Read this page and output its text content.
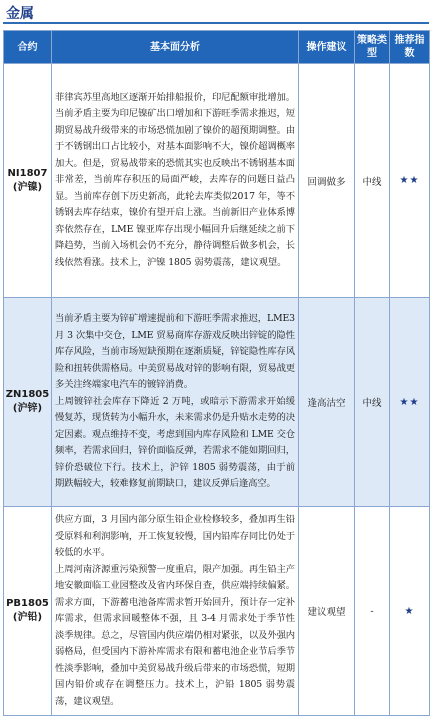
金属
合约	基本面分析	操作建议	策略类型	推荐指数

NI1807
(沪镍)	菲律宾苏里高地区逐渐开始排船报价，印尼配额审批增加。当前矛盾主要为印尼镍矿出口增加和下游旺季需求推迟，短期贸易战升级带来的市场恐慌加剧了镍价的超预期调整。由于不锈钢出口占比较小，对基本面影响不大，镍价超调概率加大。但是，贸易战带来的恐慌其实也反映出不锈钢基本面非常差，当前库存积压的局面严峻，去库存的问题日益凸显。当前库存创下历史新高，此轮去库类似2017 年，等不锈钢去库存结束，镍价有望开启上涨。当前新旧产业体系博弈依然存在，LME 镍亚库存出现小幅回升后继延续之前下降趋势，当前入场机会仍不充分，静待调整后做多机会，长线依然看涨。技术上，沪镍 1805 弱势震荡，建议观望。	回调做多	中线	★★

ZN1805
(沪锌)	当前矛盾主要为锌矿增速提前和下游旺季需求推迟，LME3 月 3 次集中交仓，LME 贸易商库存游戏反映出锌锭的隐性库存风险，当前市场短缺预期在逐渐质疑，锌锭隐性库存风险和扭转供需格局。中美贸易战对锌的影响有限，贸易战更多关注终端家电汽车的镀锌消费。
上周镀锌社会库存下降近 2 万吨，或暗示下游需求开始缓慢复苏，现货转为小幅升水，未来需求仍是升贴水走势的决定因素。观点维持不变，考虑到国内库存风险和 LME 交仓频率，若需求回归，锌价面临反弹，若需求不能如期回归，锌价恐破位下行。技术上，沪锌 1805 弱势震荡，由于前期跌幅较大，较难修复前期缺口，建议反弹后逢高空。	逢高沽空	中线	★★

PB1805
(沪铅)	供应方面，3 月国内部分原生铅企业检修较多，叠加再生铅受原料和利润影响，开工恢复较慢，国内铅库存同比仍处于较低的水平。
上周河南济源重污染预警一度重启，限产加强。再生铅主产地安徽面临工业园整改及省内环保自查，供应端持续偏紧。需求方面，下游蓄电池备库需求暂开始回升，预计存一定补库需求，但需求回暖整体不强，且 3-4 月需求处于季节性淡季规律。总之，尽管国内供应端仍相对紧张，以及外强内弱格局，但受国内下游补库需求有限和蓄电池企业节后季节性淡季影响，叠加中美贸易战升级后带来的市场恐慌，短期国内铅价或存在调整压力。技术上，沪铅 1805 弱势震荡，建议观望。	建议观望	-	★
